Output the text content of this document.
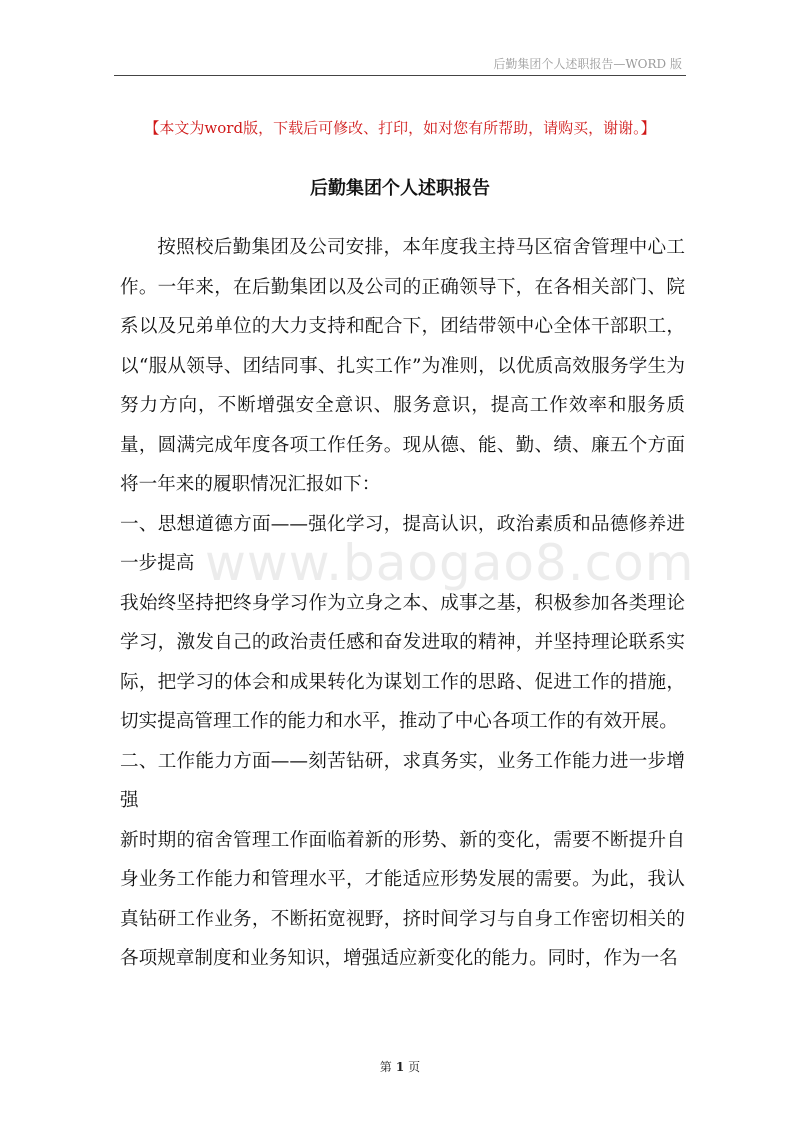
后勤集团个人述职报告—WORD 版
【本文为word版，下载后可修改、打印，如对您有所帮助，请购买，谢谢。】
后勤集团个人述职报告
www.baogao8.com

按照校后勤集团及公司安排，本年度我主持马区宿舍管理中心工作。一年来，在后勤集团以及公司的正确领导下，在各相关部门、院系以及兄弟单位的大力支持和配合下，团结带领中心全体干部职工，以“服从领导、团结同事、扎实工作”为准则，以优质高效服务学生为努力方向，不断增强安全意识、服务意识，提高工作效率和服务质量，圆满完成年度各项工作任务。现从德、能、勤、绩、廉五个方面将一年来的履职情况汇报如下：

一、思想道德方面——强化学习，提高认识，政治素质和品德修养进一步提高

我始终坚持把终身学习作为立身之本、成事之基，积极参加各类理论学习，激发自己的政治责任感和奋发进取的精神，并坚持理论联系实际，把学习的体会和成果转化为谋划工作的思路、促进工作的措施，切实提高管理工作的能力和水平，推动了中心各项工作的有效开展。

二、工作能力方面——刻苦钻研，求真务实，业务工作能力进一步增强

新时期的宿舍管理工作面临着新的形势、新的变化，需要不断提升自身业务工作能力和管理水平，才能适应形势发展的需要。为此，我认真钻研工作业务，不断拓宽视野，挤时间学习与自身工作密切相关的各项规章制度和业务知识，增强适应新变化的能力。同时，作为一名

第 1 页
